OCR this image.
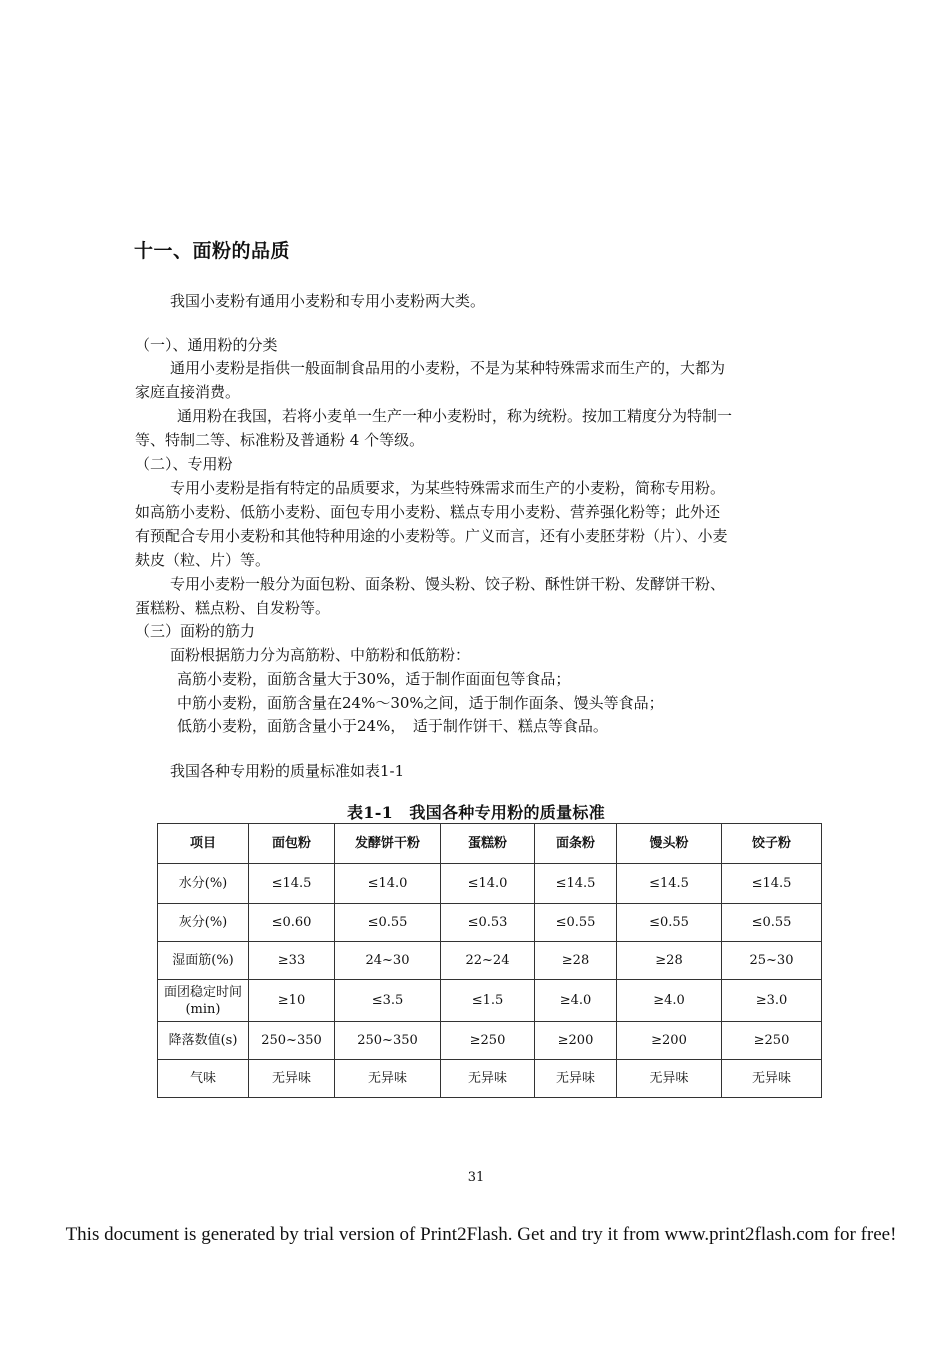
十一、面粉的品质
我国小麦粉有通用小麦粉和专用小麦粉两大类。
（一）、通用粉的分类
通用小麦粉是指供一般面制食品用的小麦粉，不是为某种特殊需求而生产的，大都为
家庭直接消费。
通用粉在我国，若将小麦单一生产一种小麦粉时，称为统粉。按加工精度分为特制一
等、特制二等、标准粉及普通粉 4 个等级。
（二）、专用粉
专用小麦粉是指有特定的品质要求，为某些特殊需求而生产的小麦粉，简称专用粉。
如高筋小麦粉、低筋小麦粉、面包专用小麦粉、糕点专用小麦粉、营养强化粉等；此外还
有预配合专用小麦粉和其他特种用途的小麦粉等。广义而言，还有小麦胚芽粉（片）、小麦
麸皮（粒、片）等。
专用小麦粉一般分为面包粉、面条粉、馒头粉、饺子粉、酥性饼干粉、发酵饼干粉、
蛋糕粉、糕点粉、自发粉等。
（三）面粉的筋力
面粉根据筋力分为高筋粉、中筋粉和低筋粉：
高筋小麦粉，面筋含量大于30%，适于制作面面包等食品；
中筋小麦粉，面筋含量在24%～30%之间，适于制作面条、馒头等食品；
低筋小麦粉，面筋含量小于24%，　适于制作饼干、糕点等食品。
我国各种专用粉的质量标准如表1-1
表1-1　我国各种专用粉的质量标准
项目	面包粉	发酵饼干粉	蛋糕粉	面条粉	馒头粉	饺子粉
水分(%)	≤14.5	≤14.0	≤14.0	≤14.5	≤14.5	≤14.5
灰分(%)	≤0.60	≤0.55	≤0.53	≤0.55	≤0.55	≤0.55
湿面筋(%)	≥33	24~30	22~24	≥28	≥28	25~30
面团稳定时间(min)	≥10	≤3.5	≤1.5	≥4.0	≥4.0	≥3.0
降落数值(s)	250~350	250~350	≥250	≥200	≥200	≥250
气味	无异味	无异味	无异味	无异味	无异味	无异味
31
This document is generated by trial version of Print2Flash. Get and try it from www.print2flash.com for free!
